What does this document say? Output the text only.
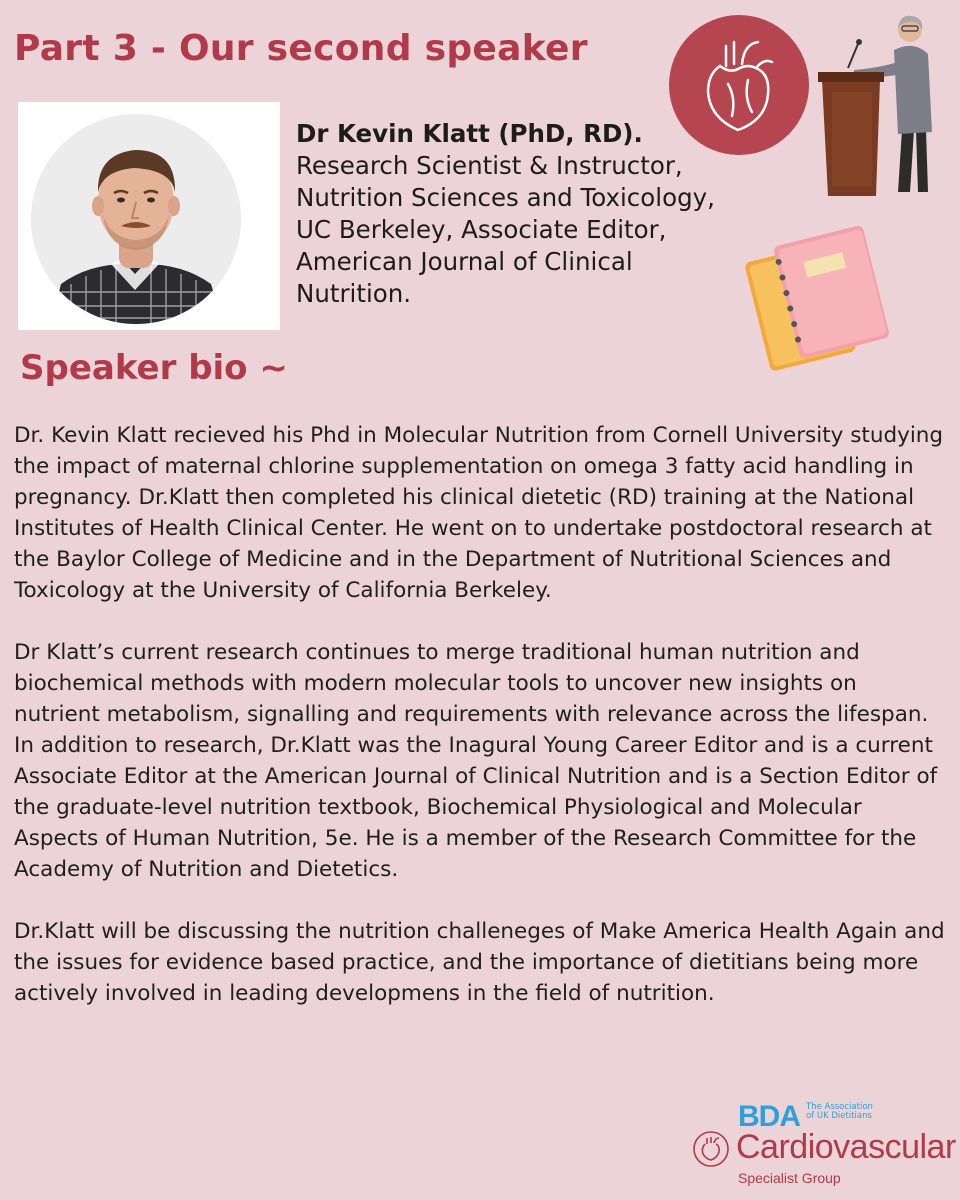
Part 3 - Our second speaker
Dr Kevin Klatt (PhD, RD).
Research Scientist & Instructor,
Nutrition Sciences and Toxicology,
UC Berkeley, Associate Editor,
American Journal of Clinical
Nutrition.
Speaker bio ~

Dr. Kevin Klatt recieved his Phd in Molecular Nutrition from Cornell University studying the impact of maternal chlorine supplementation on omega 3 fatty acid handling in pregnancy. Dr.Klatt then completed his clinical dietetic (RD) training at the National Institutes of Health Clinical Center. He went on to undertake postdoctoral research at the Baylor College of Medicine and in the Department of Nutritional Sciences and Toxicology at the University of California Berkeley.

Dr Klatt’s current research continues to merge traditional human nutrition and biochemical methods with modern molecular tools to uncover new insights on nutrient metabolism, signalling and requirements with relevance across the lifespan. In addition to research, Dr.Klatt was the Inagural Young Career Editor and is a current Associate Editor at the American Journal of Clinical Nutrition and is a Section Editor of the graduate-level nutrition textbook, Biochemical Physiological and Molecular Aspects of Human Nutrition, 5e. He is a member of the Research Committee for the Academy of Nutrition and Dietetics.

Dr.Klatt will be discussing the nutrition challeneges of Make America Health Again and the issues for evidence based practice, and the importance of dietitians being more actively involved in leading developmens in the field of nutrition.

BDA The Association
of UK Dietitians
Cardiovascular
Specialist Group
